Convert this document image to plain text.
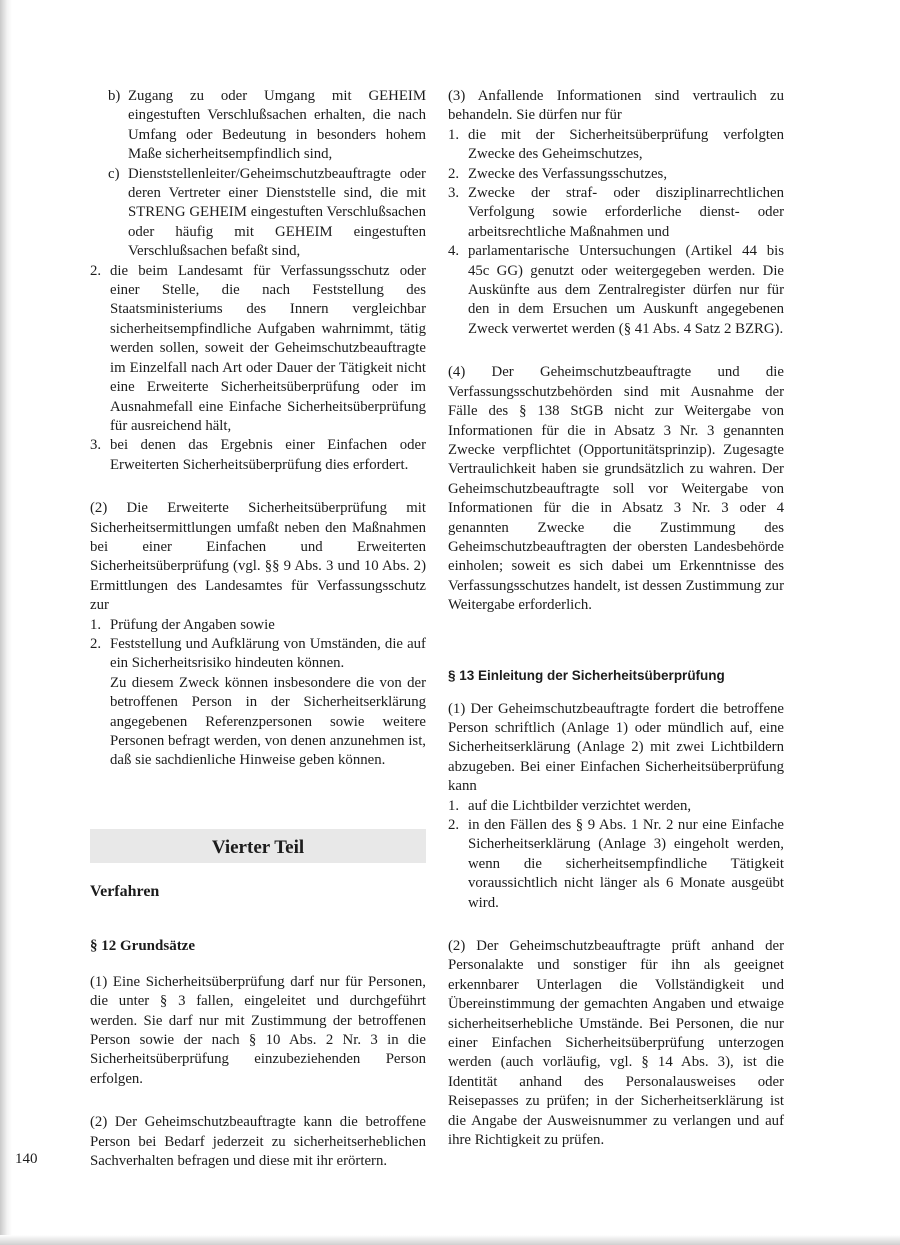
b) Zugang zu oder Umgang mit GEHEIM eingestuften Verschlußsachen erhalten, die nach Umfang oder Bedeutung in besonders hohem Maße sicherheitsempfindlich sind,

c) Dienststellenleiter/Geheimschutzbeauftragte oder deren Vertreter einer Dienststelle sind, die mit STRENG GEHEIM eingestuften Verschlußsachen oder häufig mit GEHEIM eingestuften Verschlußsachen befaßt sind,

2. die beim Landesamt für Verfassungsschutz oder einer Stelle, die nach Feststellung des Staatsministeriums des Innern vergleichbar sicherheitsempfindliche Aufgaben wahrnimmt, tätig werden sollen, soweit der Geheimschutzbeauftragte im Einzelfall nach Art oder Dauer der Tätigkeit nicht eine Erweiterte Sicherheitsüberprüfung oder im Ausnahmefall eine Einfache Sicherheitsüberprüfung für ausreichend hält,

3. bei denen das Ergebnis einer Einfachen oder Erweiterten Sicherheitsüberprüfung dies erfordert.

(2) Die Erweiterte Sicherheitsüberprüfung mit Sicherheitsermittlungen umfaßt neben den Maßnahmen bei einer Einfachen und Erweiterten Sicherheitsüberprüfung (vgl. §§ 9 Abs. 3 und 10 Abs. 2) Ermittlungen des Landesamtes für Verfassungsschutz zur

1. Prüfung der Angaben sowie

2. Feststellung und Aufklärung von Umständen, die auf ein Sicherheitsrisiko hindeuten können.

Zu diesem Zweck können insbesondere die von der betroffenen Person in der Sicherheitserklärung angegebenen Referenzpersonen sowie weitere Personen befragt werden, von denen anzunehmen ist, daß sie sachdienliche Hinweise geben können.

Vierter Teil
Verfahren
§ 12 Grundsätze

(1) Eine Sicherheitsüberprüfung darf nur für Personen, die unter § 3 fallen, eingeleitet und durchgeführt werden. Sie darf nur mit Zustimmung der betroffenen Person sowie der nach § 10 Abs. 2 Nr. 3 in die Sicherheitsüberprüfung einzubeziehenden Person erfolgen.

(2) Der Geheimschutzbeauftragte kann die betroffene Person bei Bedarf jederzeit zu sicherheitserheblichen Sachverhalten befragen und diese mit ihr erörtern.

(3) Anfallende Informationen sind vertraulich zu behandeln. Sie dürfen nur für

1. die mit der Sicherheitsüberprüfung verfolgten Zwecke des Geheimschutzes,

2. Zwecke des Verfassungsschutzes,

3. Zwecke der straf- oder disziplinarrechtlichen Verfolgung sowie erforderliche dienst- oder arbeitsrechtliche Maßnahmen und

4. parlamentarische Untersuchungen (Artikel 44 bis 45c GG) genutzt oder weitergegeben werden. Die Auskünfte aus dem Zentralregister dürfen nur für den in dem Ersuchen um Auskunft angegebenen Zweck verwertet werden (§ 41 Abs. 4 Satz 2 BZRG).

(4) Der Geheimschutzbeauftragte und die Verfassungsschutzbehörden sind mit Ausnahme der Fälle des § 138 StGB nicht zur Weitergabe von Informationen für die in Absatz 3 Nr. 3 genannten Zwecke verpflichtet (Opportunitätsprinzip). Zugesagte Vertraulichkeit haben sie grundsätzlich zu wahren. Der Geheimschutzbeauftragte soll vor Weitergabe von Informationen für die in Absatz 3 Nr. 3 oder 4 genannten Zwecke die Zustimmung des Geheimschutzbeauftragten der obersten Landesbehörde einholen; soweit es sich dabei um Erkenntnisse des Verfassungsschutzes handelt, ist dessen Zustimmung zur Weitergabe erforderlich.

§ 13 Einleitung der Sicherheitsüberprüfung

(1) Der Geheimschutzbeauftragte fordert die betroffene Person schriftlich (Anlage 1) oder mündlich auf, eine Sicherheitserklärung (Anlage 2) mit zwei Lichtbildern abzugeben. Bei einer Einfachen Sicherheitsüberprüfung kann

1. auf die Lichtbilder verzichtet werden,

2. in den Fällen des § 9 Abs. 1 Nr. 2 nur eine Einfache Sicherheitserklärung (Anlage 3) eingeholt werden, wenn die sicherheitsempfindliche Tätigkeit voraussichtlich nicht länger als 6 Monate ausgeübt wird.

(2) Der Geheimschutzbeauftragte prüft anhand der Personalakte und sonstiger für ihn als geeignet erkennbarer Unterlagen die Vollständigkeit und Übereinstimmung der gemachten Angaben und etwaige sicherheitserhebliche Umstände. Bei Personen, die nur einer Einfachen Sicherheitsüberprüfung unterzogen werden (auch vorläufig, vgl. § 14 Abs. 3), ist die Identität anhand des Personalausweises oder Reisepasses zu prüfen; in der Sicherheitserklärung ist die Angabe der Ausweisnummer zu verlangen und auf ihre Richtigkeit zu prüfen.

140
